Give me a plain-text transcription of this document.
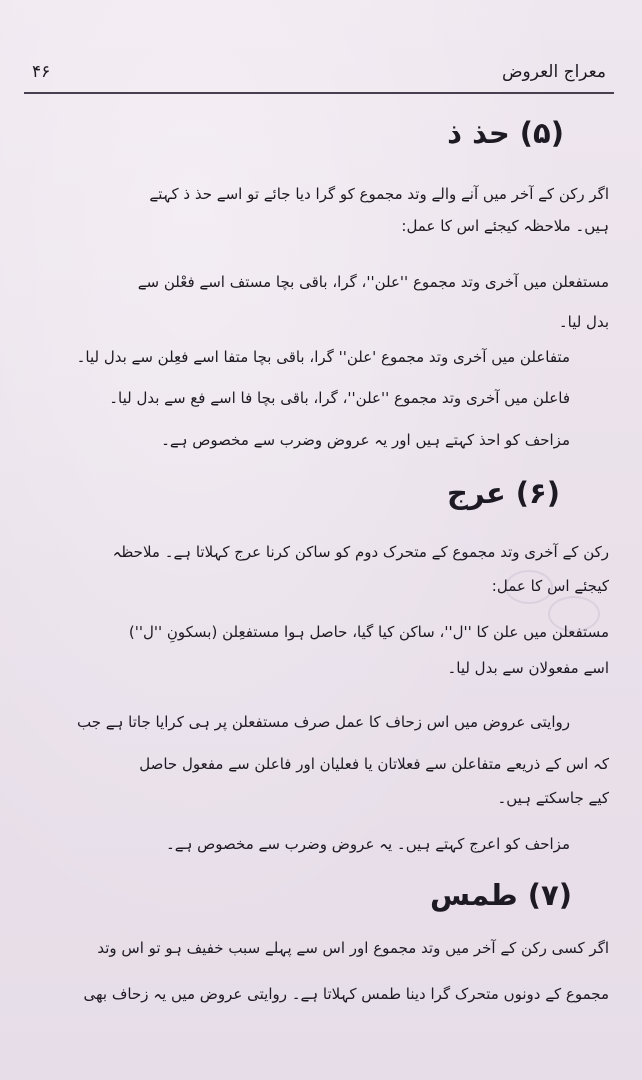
معراج العروض
۴۶
(۵)حذ ذ
اگر رکن کے آخر میں آنے والے وتد مجموع کو گرا دیا جائے تو اسے حذ ذ کہتے
ہیں۔ ملاحظہ کیجئے اس کا عمل:
مستفعلن میں آخری وتد مجموع ''علن''، گرا، باقی بچا مستف اسے فعْلن سے
بدل لیا۔
متفاعلن میں آخری وتد مجموع 'علن'' گرا، باقی بچا متفا اسے فعِلن سے بدل لیا۔
فاعلن میں آخری وتد مجموع ''علن''، گرا، باقی بچا فا اسے فع سے بدل لیا۔
مزاحف کو احذ کہتے ہیں اور یہ عروض وضرب سے مخصوص ہے۔
(۶)عرج
رکن کے آخری وتد مجموع کے متحرک دوم کو ساکن کرنا عرج کہلاتا ہے۔ ملاحظہ
کیجئے اس کا عمل:
مستفعلن میں علن کا ''ل''، ساکن کیا گیا، حاصل ہوا مستفعِلن (بسکونِ ''ل'')
اسے مفعولان سے بدل لیا۔
روایتی عروض میں اس زحاف کا عمل صرف مستفعلن پر ہی کرایا جاتا ہے جب
کہ اس کے ذریعے متفاعلن سے فعلاتان یا فعلیان اور فاعلن سے مفعول حاصل
کیے جاسکتے ہیں۔
مزاحف کو اعرج کہتے ہیں۔ یہ عروض وضرب سے مخصوص ہے۔
(۷)طمس
اگر کسی رکن کے آخر میں وتد مجموع اور اس سے پہلے سبب خفیف ہو تو اس وتد
مجموع کے دونوں متحرک گرا دینا طمس کہلاتا ہے۔ روایتی عروض میں یہ زحاف بھی
